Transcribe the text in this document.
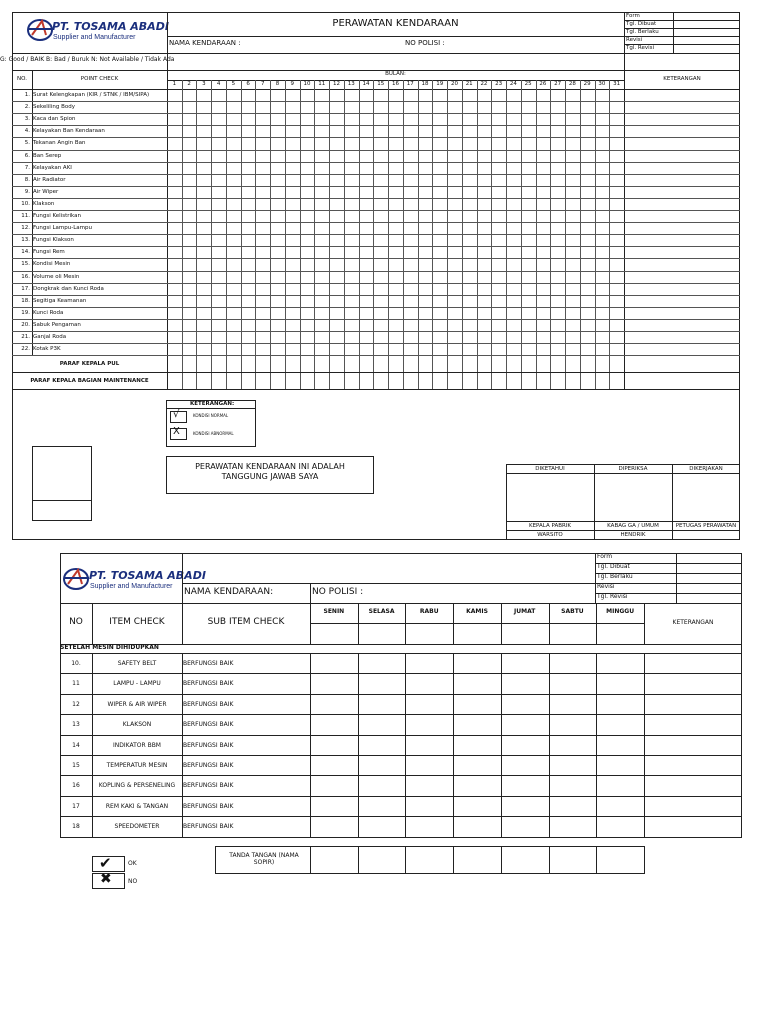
PT. TOSAMA ABADI
Supplier and Manufacturer
PERAWATAN KENDARAAN
NAMA KENDARAAN :	NO POLISI :
Form
Tgl. Dibuat
Tgl. Berlaku
Revisi
Tgl. Revisi
G: Good / BAIK B: Bad / Buruk N: Not Available / Tidak Ada
NO.	POINT CHECK
BULAN:
KETERANGAN
1	2	3	4	5	6	7	8	9	10	11	12	13	14	15	16	17	18	19	20	21	22	23	24	25	26	27	28	29	30	31
1. Surat Kelengkapan (KIR / STNK / IBM/SIPA)
2. Sekeliling Body
3. Kaca dan Spion
4. Kelayakan Ban Kendaraan
5. Tekanan Angin Ban
6. Ban Serep
7. Kelayakan AKI
8. Air Radiator
9. Air Wiper
10. Klakson
11. Fungsi Kelistrikan
12. Fungsi Lampu-Lampu
13. Fungsi Klakson
14. Fungsi Rem
15. Kondisi Mesin
16. Volume oli Mesin
17. Dongkrak dan Kunci Roda
18. Segitiga Keamanan
19. Kunci Roda
20. Sabuk Pengaman
21. Ganjal Roda
22. Kotak P3K
PARAF KEPALA PUL
PARAF KEPALA BAGIAN MAINTENANCE
KETERANGAN:
√	KONDISI NORMAL
X	KONDISI ABNORMAL
PERAWATAN KENDARAAN INI ADALAH TANGGUNG JAWAB SAYA
DIKETAHUI	DIPERIKSA	DIKERJAKAN
KEPALA PABRIK	KABAG GA / UMUM	PETUGAS PERAWATAN
WARSITO	HENDRIK
PT. TOSAMA ABADI
Supplier and Manufacturer
Form
Tgl. Dibuat
Tgl. Berlaku
Revisi
Tgl. Revisi
NAMA KENDARAAN:	NO POLISI :
NO	ITEM CHECK	SUB ITEM CHECK	KETERANGAN
SENIN	SELASA	RABU	KAMIS	JUMAT	SABTU	MINGGU
SETELAH MESIN DIHIDUPKAN
10.	SAFETY BELT	BERFUNGSI BAIK
11	LAMPU - LAMPU	BERFUNGSI BAIK
12	WIPER & AIR WIPER	BERFUNGSI BAIK
13	KLAKSON	BERFUNGSI BAIK
14	INDIKATOR BBM	BERFUNGSI BAIK
15	TEMPERATUR MESIN	BERFUNGSI BAIK
16	KOPLING & PERSENELING	BERFUNGSI BAIK
17	REM KAKI & TANGAN	BERFUNGSI BAIK
18	SPEEDOMETER	BERFUNGSI BAIK
✔	OK
✖	NO
TANDA TANGAN (NAMA SOPIR)
